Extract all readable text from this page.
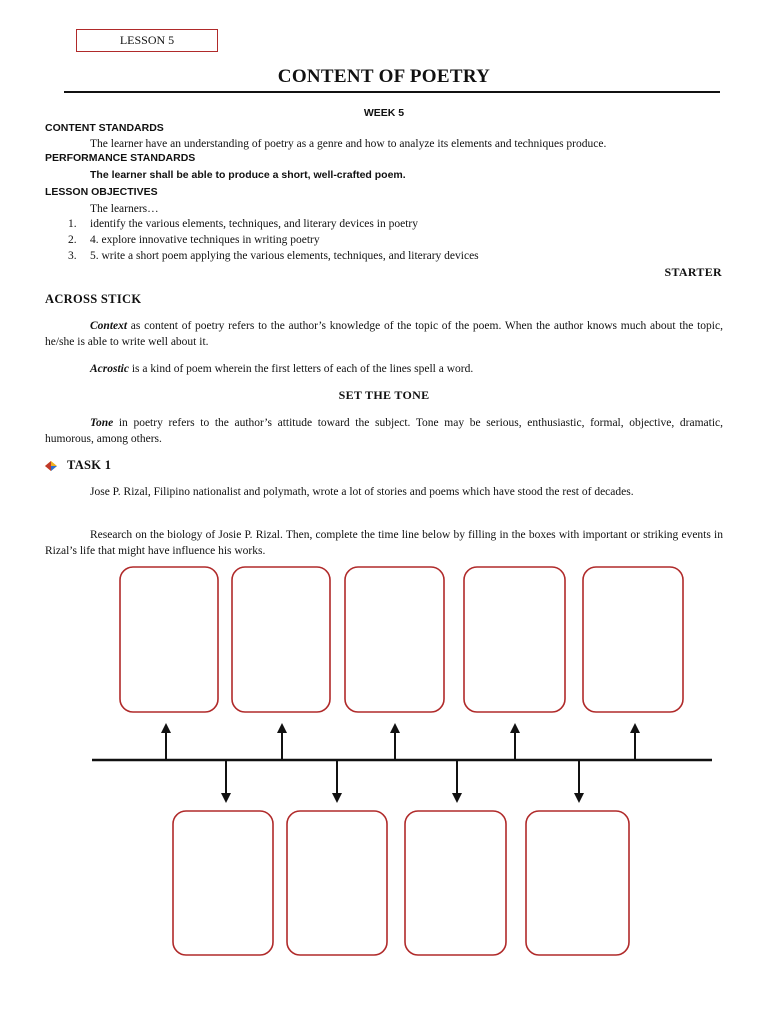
LESSON 5
CONTENT OF POETRY
WEEK 5
CONTENT STANDARDS
The learner have an understanding of poetry as a genre and how to analyze its elements and techniques produce.
PERFORMANCE STANDARDS
The learner shall be able to produce a short, well-crafted poem.
LESSON OBJECTIVES
The learners…
1. identify the various elements, techniques, and literary devices in poetry
2. 4. explore innovative techniques in writing poetry
3. 5. write a short poem applying the various elements, techniques, and literary devices
STARTER
ACROSS STICK
Context as content of poetry refers to the author’s knowledge of the topic of the poem. When the author knows much about the topic, he/she is able to write well about it.
Acrostic is a kind of poem wherein the first letters of each of the lines spell a word.
SET THE TONE
Tone in poetry refers to the author’s attitude toward the subject. Tone may be serious, enthusiastic, formal, objective, dramatic, humorous, among others.
TASK 1
Jose P. Rizal, Filipino nationalist and polymath, wrote a lot of stories and poems which have stood the rest of decades.
Research on the biology of Josie P. Rizal. Then, complete the time line below by filling in the boxes with important or striking events in Rizal’s life that might have influence his works.
